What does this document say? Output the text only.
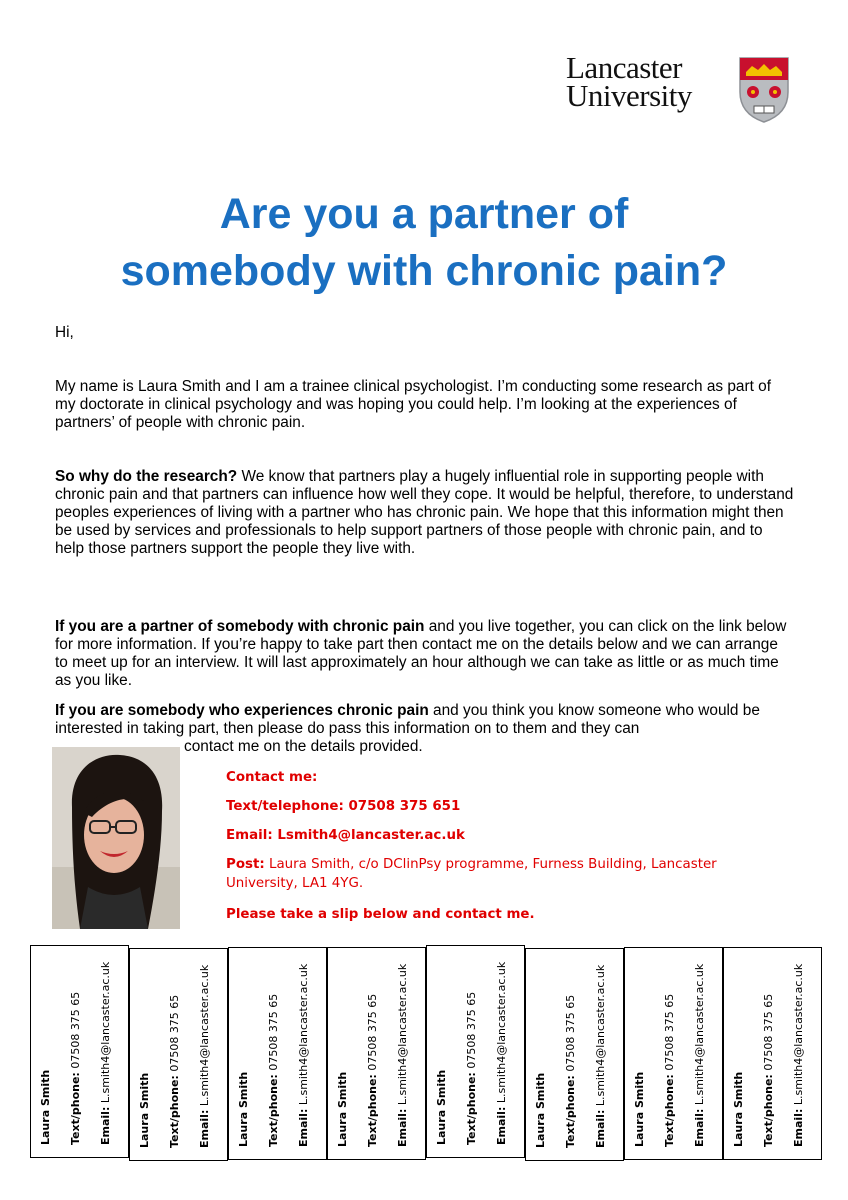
Lancaster
University
Are you a partner of
somebody with chronic pain?

Hi,

My name is Laura Smith and I am a trainee clinical psychologist. I’m conducting some research as part of my doctorate in clinical psychology and was hoping you could help. I’m looking at the experiences of partners’ of people with chronic pain.

So why do the research? We know that partners play a hugely influential role in supporting people with chronic pain and that partners can influence how well they cope. It would be helpful, therefore, to understand peoples experiences of living with a partner who has chronic pain. We hope that this information might then be used by services and professionals to help support partners of those people with chronic pain, and to help those partners support the people they live with.

If you are a partner of somebody with chronic pain and you live together, you can click on the link below for more information. If you’re happy to take part then contact me on the details below and we can arrange to meet up for an interview. It will last approximately an hour although we can take as little or as much time as you like.

If you are somebody who experiences chronic pain and you think you know someone who would be interested in taking part, then please do pass this information on to them and they can

contact me on the details provided.

Contact me:
Text/telephone: 07508 375 651
Email: Lsmith4@lancaster.ac.uk
Post: Laura Smith, c/o DClinPsy programme, Furness Building, Lancaster University, LA1 4YG.
Please take a slip below and contact me.
Laura Smith Text/phone: 07508 375 65
Email: L.smith4@lancaster.ac.uk
Laura Smith Text/phone: 07508 375 65
Email: L.smith4@lancaster.ac.uk Laura Smith Text/phone: 07508 375 65
Email: L.smith4@lancaster.ac.uk
Laura Smith Text/phone: 07508 375 65
Email: L.smith4@lancaster.ac.uk Laura Smith Text/phone: 07508 375 65
Email: L.smith4@lancaster.ac.uk
Laura Smith Text/phone: 07508 375 65
Email: L.smith4@lancaster.ac.uk Laura Smith Text/phone: 07508 375 65
Email: L.smith4@lancaster.ac.uk
Laura Smith Text/phone: 07508 375 65
Email: L.smith4@lancaster.ac.uk
